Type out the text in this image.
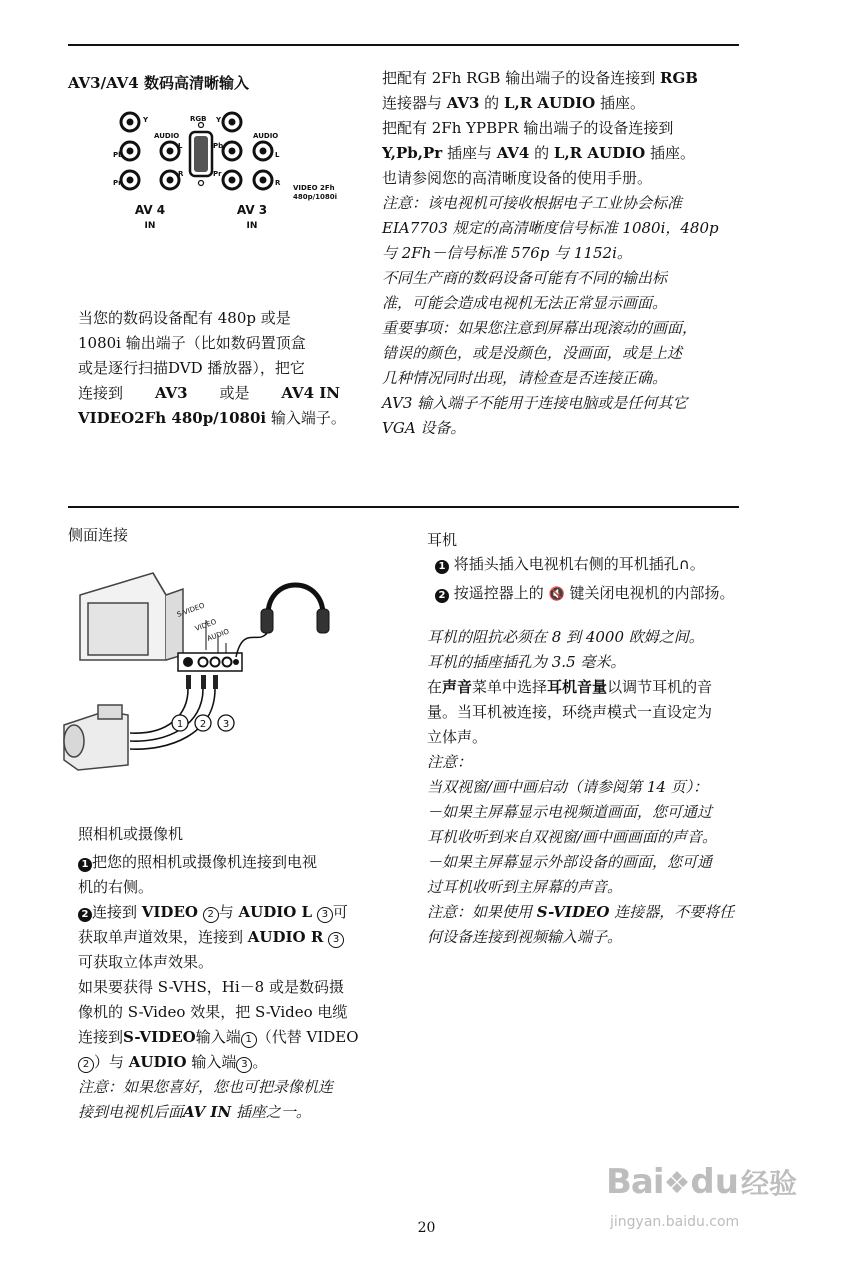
AV3/AV4 数码高清晰输入
Y
Pb
Pr
AUDIO
L
R
RGB Y
Pb
Pr
AUDIO
L
R
VIDEO 2Fh
480p/1080i
AV 4
IN
AV 3
IN
当您的数码设备配有 480p 或是
1080i 输出端子（比如数码置顶盒
或是逐行扫描DVD 播放器），把它
连接到 AV3 或是 AV4 IN
VIDEO2Fh 480p/1080i 输入端子。
把配有 2Fh RGB 输出端子的设备连接到 RGB
连接器与 AV3 的 L,R AUDIO 插座。
把配有 2Fh YPBPR 输出端子的设备连接到
Y,Pb,Pr 插座与 AV4 的 L,R AUDIO 插座。
也请参阅您的高清晰度设备的使用手册。
注意：该电视机可接收根据电子工业协会标准
EIA7703 规定的高清晰度信号标准 1080i，480p
与 2Fh－信号标准 576p 与 1152i。
不同生产商的数码设备可能有不同的输出标
准，可能会造成电视机无法正常显示画面。
重要事项：如果您注意到屏幕出现滚动的画面，
错误的颜色，或是没颜色，没画面，或是上述
几种情况同时出现，请检查是否连接正确。
AV3 输入端子不能用于连接电脑或是任何其它
VGA 设备。
侧面连接
S-VIDEO
VIDEO
AUDIO
1 2 3
照相机或摄像机
1 把您的照相机或摄像机连接到电视
机的右侧。
2 连接到 VIDEO 2 与 AUDIO L 3 可
获取单声道效果，连接到 AUDIO R 3
可获取立体声效果。
如果要获得 S-VHS，Hi－8 或是数码摄
像机的 S-Video 效果，把 S-Video 电缆
连接到S-VIDEO输入端 1 （代替 VIDEO
2 ）与 AUDIO 输入端 3 。
注意：如果您喜好，您也可把录像机连
接到电视机后面AV IN 插座之一。
耳机
1 将插头插入电视机右侧的耳机插孔∩。
2 按遥控器上的 🔇 键关闭电视机的内部扬。
耳机的阻抗必须在 8 到 4000 欧姆之间。
耳机的插座插孔为 3.5 毫米。
在声音菜单中选择耳机音量以调节耳机的音
量。当耳机被连接，环绕声模式一直设定为
立体声。
注意：
当双视窗/画中画启动（请参阅第 14 页）：
－如果主屏幕显示电视频道画面，您可通过
耳机收听到来自双视窗/画中画画面的声音。
－如果主屏幕显示外部设备的画面，您可通
过耳机收听到主屏幕的声音。
注意：如果使用 S-VIDEO 连接器，不要将任
何设备连接到视频输入端子。
20
Bai❖du经验
jingyan.baidu.com
